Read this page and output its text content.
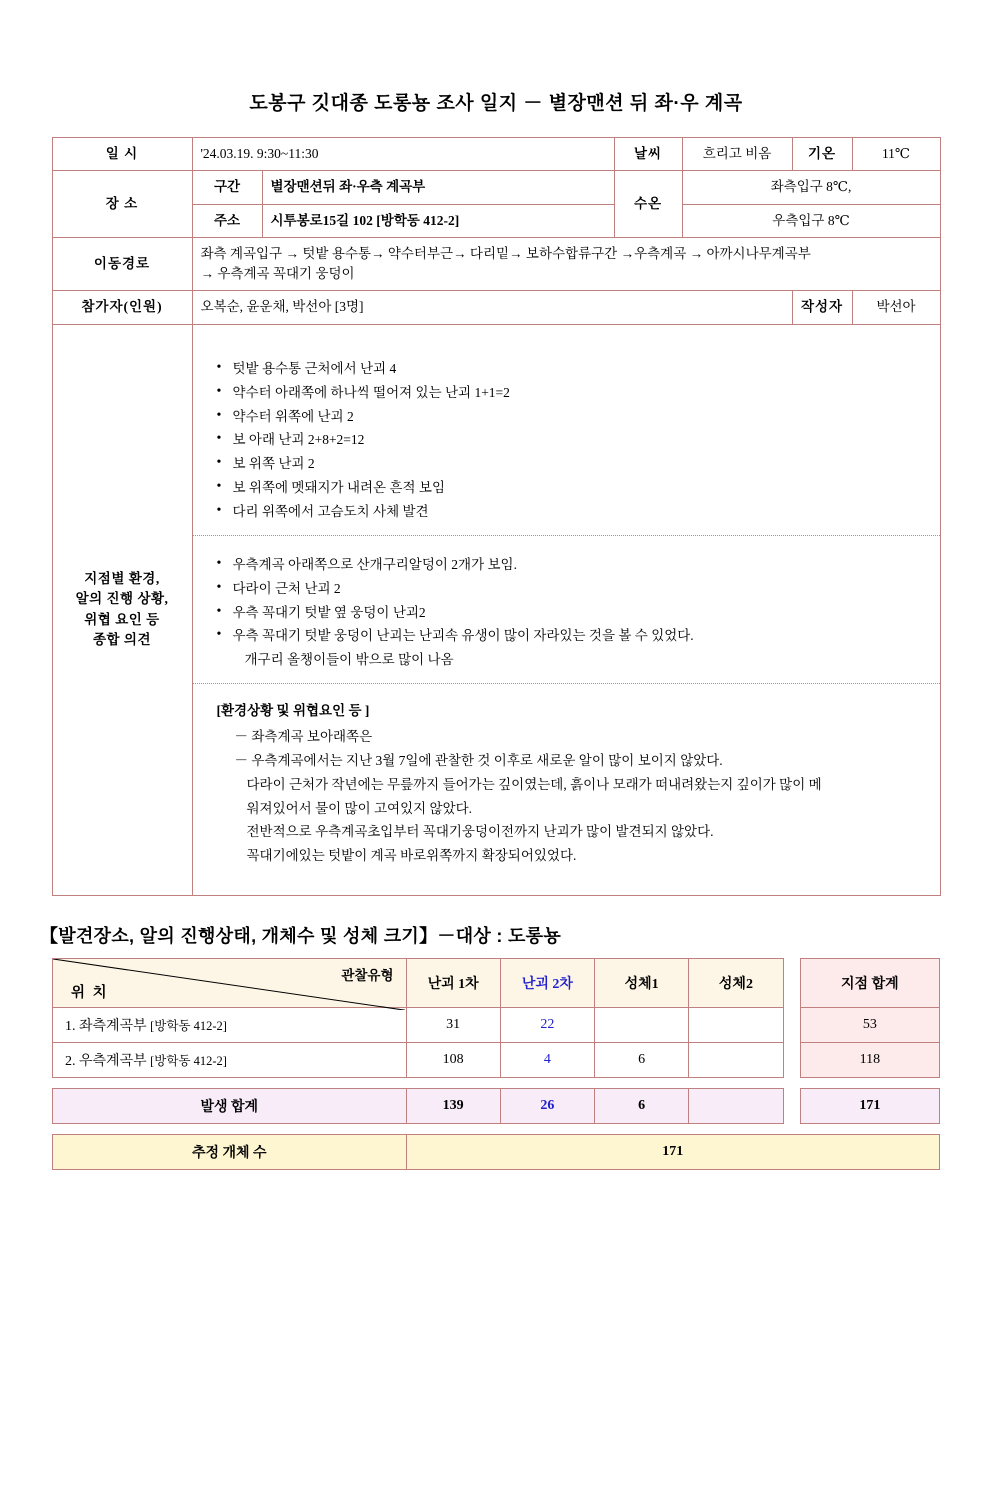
도봉구 깃대종 도롱뇽 조사 일지 － 별장맨션 뒤 좌·우 계곡
일 시	'24.03.19. 9:30~11:30		날씨	흐리고 비옴	기온	11℃
장 소	구간	별장맨션뒤 좌·우측 계곡부	수온	좌측입구 8℃,		
	주소	시투봉로15길 102 [방학동 412-2]		우측입구 8℃		
이동경로	좌측 계곡입구 → 텃밭 용수통→ 약수터부근→ 다리밑→ 보하수합류구간 →우측계곡 → 아까시나무계곡부
→ 우측계곡 꼭대기 웅덩이					

참가자(인원)	오복순, 윤운채, 박선아 [3명]				작성자	박선아

지점별 환경,
알의 진행 상황,
위협 요인 등
종합 의견

• 텃밭 용수통 근처에서 난괴 4
• 약수터 아래쪽에 하나씩 떨어져 있는 난괴 1+1=2
• 약수터 위쪽에 난괴 2
• 보 아래 난괴 2+8+2=12
• 보 위쪽 난괴 2
• 보 위쪽에 멧돼지가 내려온 흔적 보임
• 다리 위쪽에서 고슴도치 사체 발견
• 우측계곡 아래쪽으로 산개구리알덩이 2개가 보임.
• 다라이 근처 난괴 2
• 우측 꼭대기 텃밭 옆 웅덩이 난괴2
• 우측 꼭대기 텃밭 웅덩이 난괴는 난괴속 유생이 많이 자라있는 것을 볼 수 있었다.
개구리 올챙이들이 밖으로 많이 나옴
[환경상황 및 위협요인 등 ]
－ 좌측계곡 보아래쪽은
－ 우측계곡에서는 지난 3월 7일에 관찰한 것 이후로 새로운 알이 많이 보이지 않았다.
다라이 근처가 작년에는 무릎까지 들어가는 깊이였는데, 흙이나 모래가 떠내려왔는지 깊이가 많이 메
워져있어서 물이 많이 고여있지 않았다.
전반적으로 우측계곡초입부터 꼭대기웅덩이전까지 난괴가 많이 발견되지 않았다.
꼭대기에있는 텃밭이 계곡 바로위쪽까지 확장되어있었다.
【발견장소, 알의 진행상태, 개체수 및 성체 크기】－대상 : 도롱뇽
관찰유형
위 치	난괴 1차	난괴 2차	성체1	성체2		지점 합계
1. 좌측계곡부 [방학동 412-2]	31	22				53
2. 우측계곡부 [방학동 412-2]	108	4	6			118

발생 합계	139	26	6			171

추정 개체 수	171					
